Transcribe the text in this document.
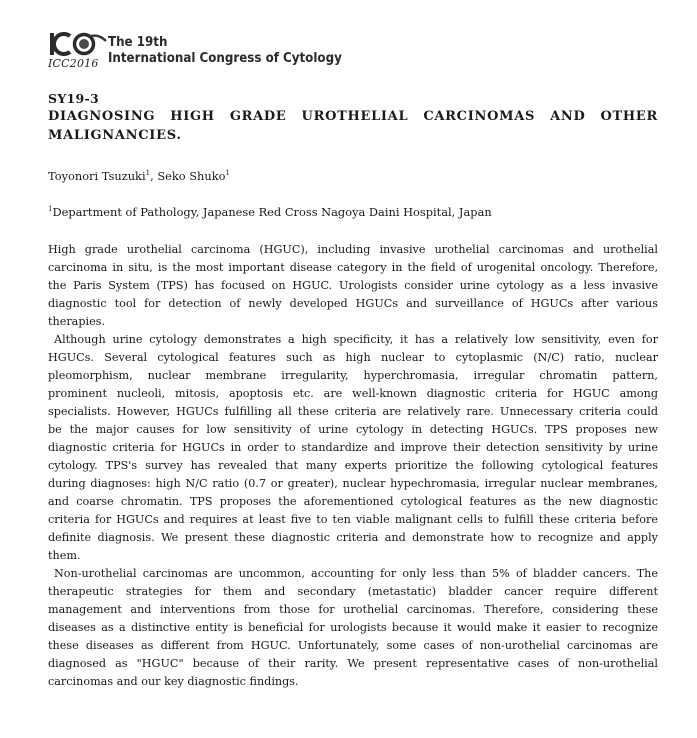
ICC2016
The 19th
International Congress of Cytology
SY19-3
DIAGNOSING HIGH GRADE UROTHELIAL CARCINOMAS AND OTHER
MALIGNANCIES.
Toyonori Tsuzuki$^1$, Seko Shuko$^1$
$^1$Department of Pathology, Japanese Red Cross Nagoya Daini Hospital, Japan
High grade urothelial carcinoma (HGUC), including invasive urothelial carcinomas and urothelial
carcinoma in situ, is the most important disease category in the field of urogenital oncology. Therefore,
the Paris System (TPS) has focused on HGUC. Urologists consider urine cytology as a less invasive
diagnostic tool for detection of newly developed HGUCs and surveillance of HGUCs after various
therapies.
Although urine cytology demonstrates a high specificity, it has a relatively low sensitivity, even for
HGUCs. Several cytological features such as high nuclear to cytoplasmic (N/C) ratio, nuclear
pleomorphism, nuclear membrane irregularity, hyperchromasia, irregular chromatin pattern,
prominent nucleoli, mitosis, apoptosis etc. are well-known diagnostic criteria for HGUC among
specialists. However, HGUCs fulfilling all these criteria are relatively rare. Unnecessary criteria could
be the major causes for low sensitivity of urine cytology in detecting HGUCs. TPS proposes new
diagnostic criteria for HGUCs in order to standardize and improve their detection sensitivity by urine
cytology. TPS's survey has revealed that many experts prioritize the following cytological features
during diagnoses: high N/C ratio (0.7 or greater), nuclear hypechromasia, irregular nuclear membranes,
and coarse chromatin. TPS proposes the aforementioned cytological features as the new diagnostic
criteria for HGUCs and requires at least five to ten viable malignant cells to fulfill these criteria before
definite diagnosis. We present these diagnostic criteria and demonstrate how to recognize and apply
them.
Non-urothelial carcinomas are uncommon, accounting for only less than 5% of bladder cancers. The
therapeutic strategies for them and secondary (metastatic) bladder cancer require different
management and interventions from those for urothelial carcinomas. Therefore, considering these
diseases as a distinctive entity is beneficial for urologists because it would make it easier to recognize
these diseases as different from HGUC. Unfortunately, some cases of non-urothelial carcinomas are
diagnosed as "HGUC" because of their rarity. We present representative cases of non-urothelial
carcinomas and our key diagnostic findings.
